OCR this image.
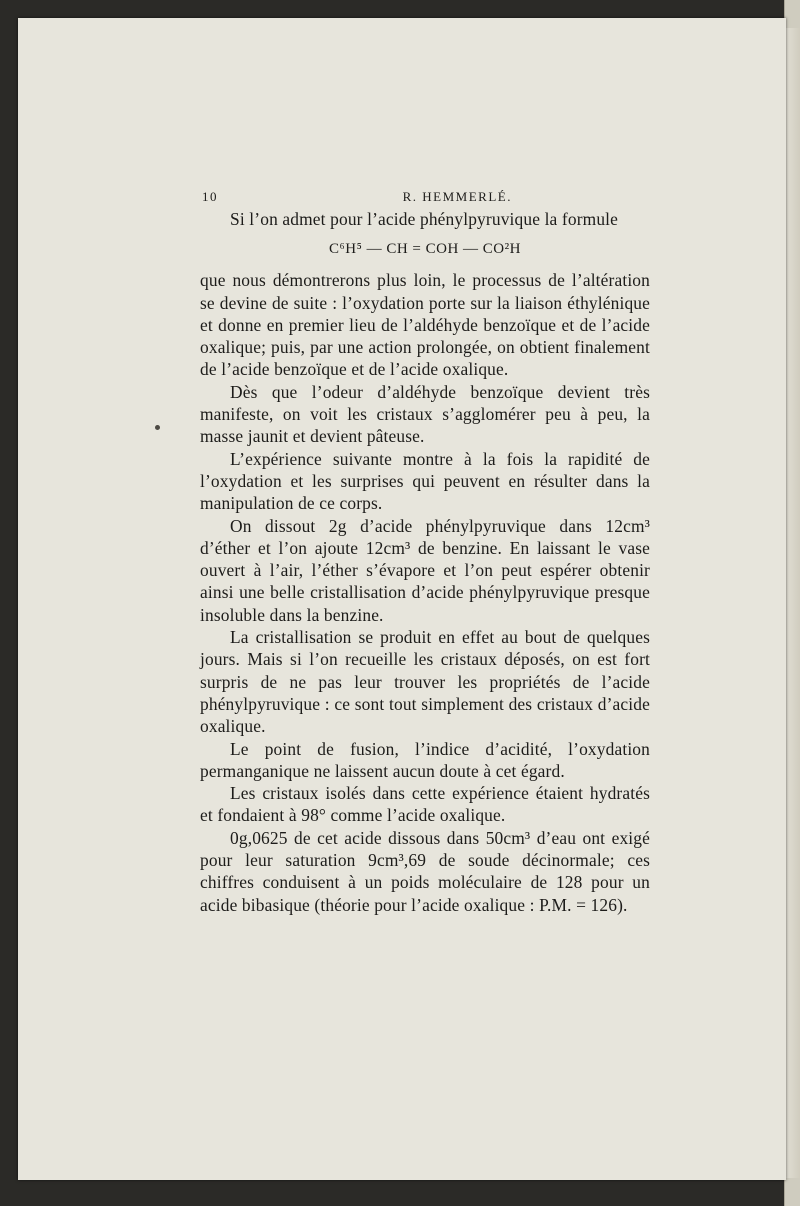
10	R. HEMMERLÉ.

Si l’on admet pour l’acide phénylpyruvique la formule

C⁶H⁵ — CH = COH — CO²H

que nous démontrerons plus loin, le processus de l’altération se devine de suite : l’oxydation porte sur la liaison éthylénique et donne en premier lieu de l’aldéhyde benzoïque et de l’acide oxalique; puis, par une action prolongée, on obtient finalement de l’acide benzoïque et de l’acide oxalique.

Dès que l’odeur d’aldéhyde benzoïque devient très manifeste, on voit les cristaux s’agglomérer peu à peu, la masse jaunit et devient pâteuse.

L’expérience suivante montre à la fois la rapidité de l’oxydation et les surprises qui peuvent en résulter dans la manipulation de ce corps.

On dissout 2g d’acide phénylpyruvique dans 12cm³ d’éther et l’on ajoute 12cm³ de benzine. En laissant le vase ouvert à l’air, l’éther s’évapore et l’on peut espérer obtenir ainsi une belle cristallisation d’acide phénylpyruvique presque insoluble dans la benzine.

La cristallisation se produit en effet au bout de quelques jours. Mais si l’on recueille les cristaux déposés, on est fort surpris de ne pas leur trouver les propriétés de l’acide phénylpyruvique : ce sont tout simplement des cristaux d’acide oxalique.

Le point de fusion, l’indice d’acidité, l’oxydation permanganique ne laissent aucun doute à cet égard.

Les cristaux isolés dans cette expérience étaient hydratés et fondaient à 98° comme l’acide oxalique.

0g,0625 de cet acide dissous dans 50cm³ d’eau ont exigé pour leur saturation 9cm³,69 de soude décinormale; ces chiffres conduisent à un poids moléculaire de 128 pour un acide bibasique (théorie pour l’acide oxalique : P.M. = 126).
